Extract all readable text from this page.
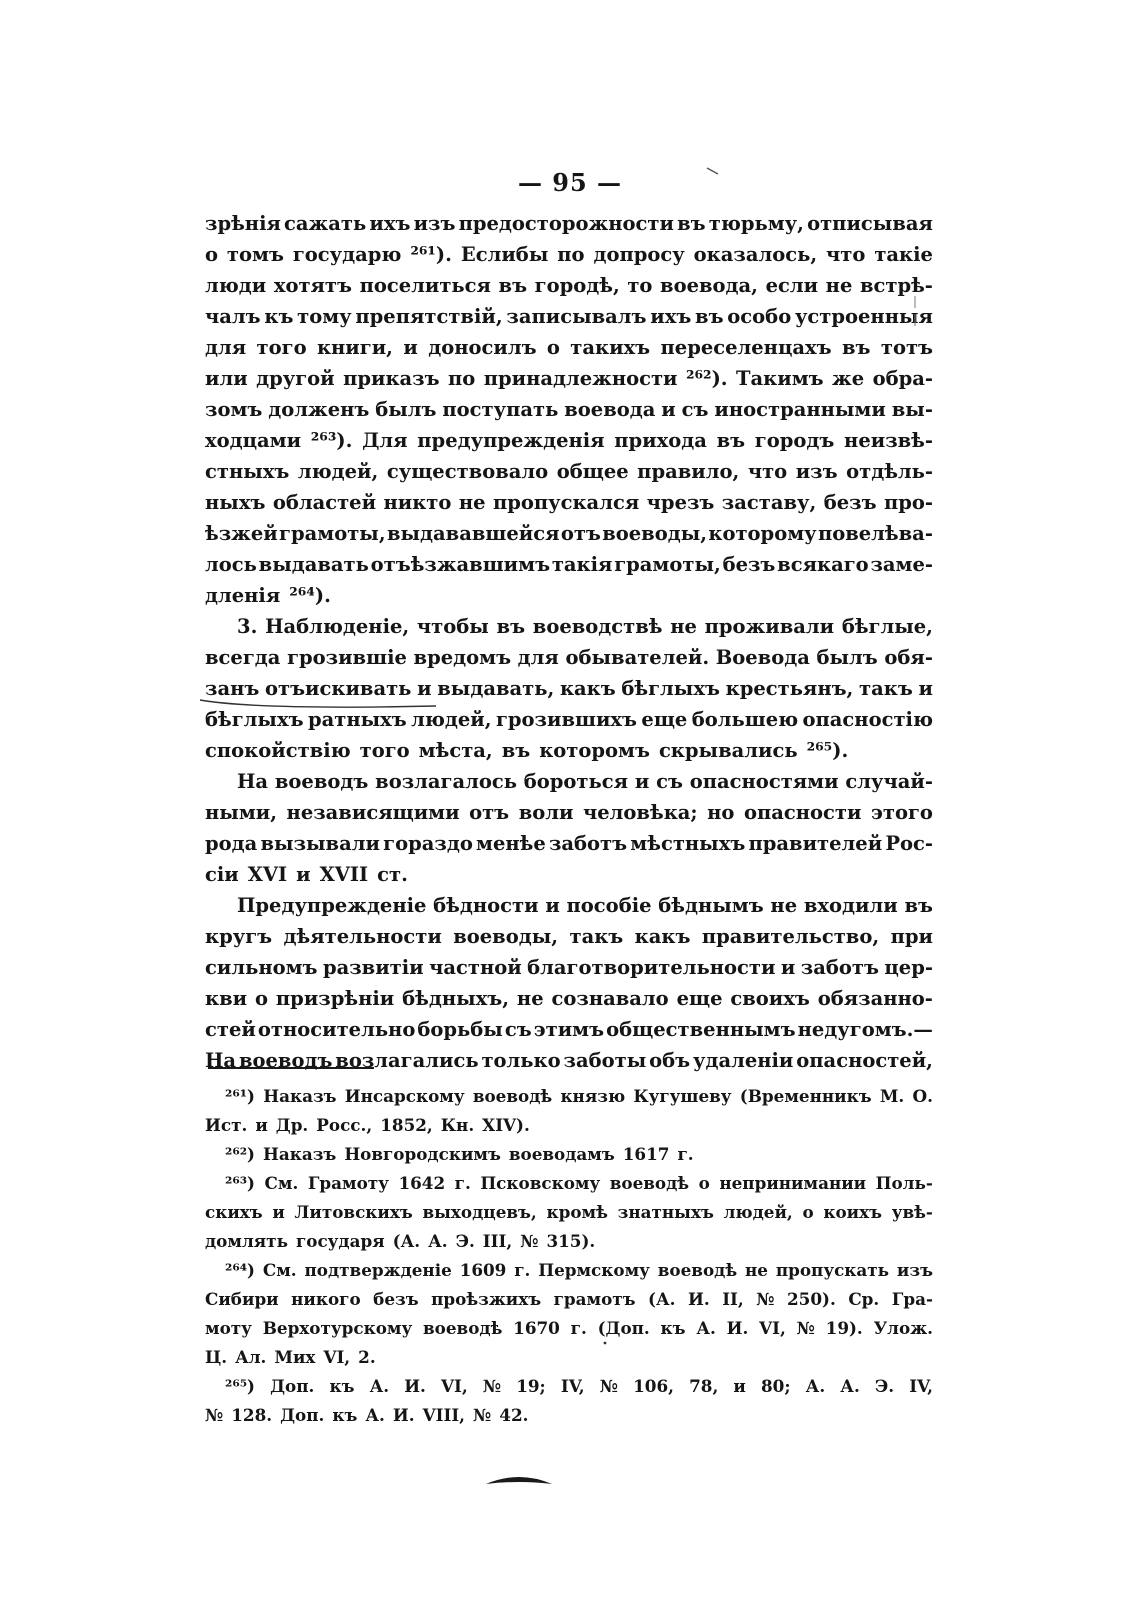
— 95 —
зрѣнія сажать ихъ изъ предосторожности въ тюрьму, отписывая
о томъ государю ²⁶¹). Еслибы по допросу оказалось, что такіе
люди хотятъ поселиться въ городѣ, то воевода, если не встрѣ-
чалъ къ тому препятствій, записывалъ ихъ въ особо устроенныя
для того книги, и доносилъ о такихъ переселенцахъ въ тотъ
или другой приказъ по принадлежности ²⁶²). Такимъ же обра-
зомъ долженъ былъ поступать воевода и съ иностранными вы-
ходцами ²⁶³). Для предупрежденія прихода въ городъ неизвѣ-
стныхъ людей, существовало общее правило, что изъ отдѣль-
ныхъ областей никто не пропускался чрезъ заставу, безъ про-
ѣзжей грамоты, выдававшейся отъ воеводы, которому повелѣва-
лось выдавать отъѣзжавшимъ такія грамоты, безъ всякаго заме-
дленія ²⁶⁴).
3. Наблюденіе, чтобы въ воеводствѣ не проживали бѣглые,
всегда грозившіе вредомъ для обывателей. Воевода былъ обя-
занъ отъискивать и выдавать, какъ бѣглыхъ крестьянъ, такъ и
бѣглыхъ ратныхъ людей, грозившихъ еще большею опасностію
спокойствію того мѣста, въ которомъ скрывались ²⁶⁵).
На воеводъ возлагалось бороться и съ опасностями случай-
ными, независящими отъ воли человѣка; но опасности этого
рода вызывали гораздо менѣе заботъ мѣстныхъ правителей Рос-
сіи XVI и XVII ст.
Предупрежденіе бѣдности и пособіе бѣднымъ не входили въ
кругъ дѣятельности воеводы, такъ какъ правительство, при
сильномъ развитіи частной благотворительности и заботъ цер-
кви о призрѣніи бѣдныхъ, не сознавало еще своихъ обязанно-
стей относительно борьбы съ этимъ общественнымъ недугомъ.—
На воеводъ возлагались только заботы объ удаленіи опасностей,
²⁶¹) Наказъ Инсарскому воеводѣ князю Кугушеву (Временникъ М. О.
Ист. и Др. Росс., 1852, Кн. XIV).
²⁶²) Наказъ Новгородскимъ воеводамъ 1617 г.
²⁶³) См. Грамоту 1642 г. Псковскому воеводѣ о непринимании Поль-
скихъ и Литовскихъ выходцевъ, кромѣ знатныхъ людей, о коихъ увѣ-
домлять государя (А. А. Э. III, № 315).
²⁶⁴) См. подтвержденіе 1609 г. Пермскому воеводѣ не пропускать изъ
Сибири никого безъ проѣзжихъ грамотъ (А. И. II, № 250). Ср. Гра-
моту Верхотурскому воеводѣ 1670 г. (Доп. къ А. И. VI, № 19). Улож.
Ц. Ал. Мих VI, 2.
²⁶⁵) Доп. къ А. И. VI, № 19; IV, № 106, 78, и 80; А. А. Э. IV,
№ 128. Доп. къ А. И. VIII, № 42.
